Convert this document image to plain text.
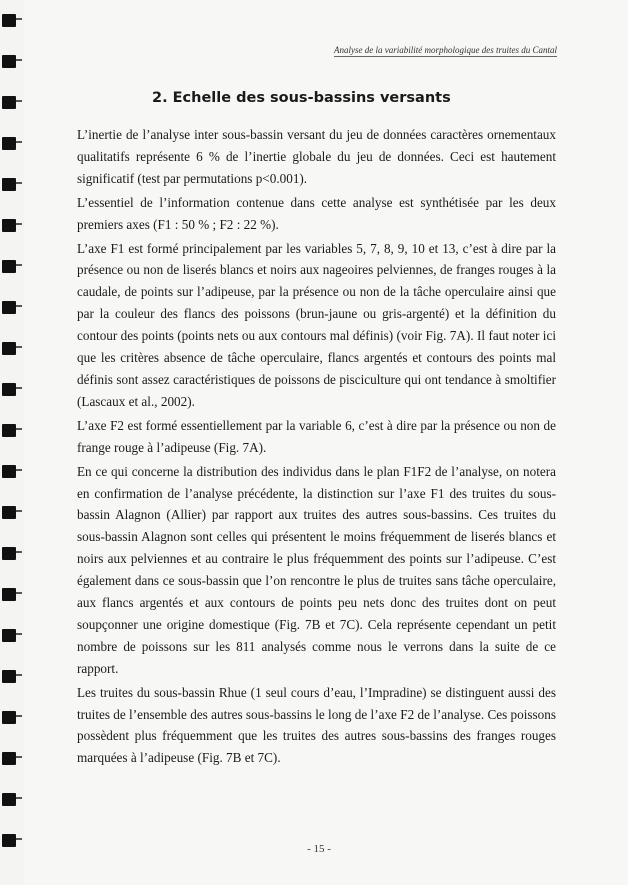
Analyse de la variabilité morphologique des truites du Cantal
2. Echelle des sous-bassins versants

L’inertie de l’analyse inter sous-bassin versant du jeu de données caractères ornementaux qualitatifs représente 6 % de l’inertie globale du jeu de données. Ceci est hautement significatif (test par permutations p<0.001).

L’essentiel de l’information contenue dans cette analyse est synthétisée par les deux premiers axes (F1 : 50 % ; F2 : 22 %).

L’axe F1 est formé principalement par les variables 5, 7, 8, 9, 10 et 13, c’est à dire par la présence ou non de liserés blancs et noirs aux nageoires pelviennes, de franges rouges à la caudale, de points sur l’adipeuse, par la présence ou non de la tâche operculaire ainsi que par la couleur des flancs des poissons (brun-jaune ou gris-argenté) et la définition du contour des points (points nets ou aux contours mal définis) (voir Fig. 7A). Il faut noter ici que les critères absence de tâche operculaire, flancs argentés et contours des points mal définis sont assez caractéristiques de poissons de pisciculture qui ont tendance à smoltifier (Lascaux et al., 2002).

L’axe F2 est formé essentiellement par la variable 6, c’est à dire par la présence ou non de frange rouge à l’adipeuse (Fig. 7A).

En ce qui concerne la distribution des individus dans le plan F1F2 de l’analyse, on notera en confirmation de l’analyse précédente, la distinction sur l’axe F1 des truites du sous-bassin Alagnon (Allier) par rapport aux truites des autres sous-bassins. Ces truites du sous-bassin Alagnon sont celles qui présentent le moins fréquemment de liserés blancs et noirs aux pelviennes et au contraire le plus fréquemment des points sur l’adipeuse. C’est également dans ce sous-bassin que l’on rencontre le plus de truites sans tâche operculaire, aux flancs argentés et aux contours de points peu nets donc des truites dont on peut soupçonner une origine domestique (Fig. 7B et 7C). Cela représente cependant un petit nombre de poissons sur les 811 analysés comme nous le verrons dans la suite de ce rapport.

Les truites du sous-bassin Rhue (1 seul cours d’eau, l’Impradine) se distinguent aussi des truites de l’ensemble des autres sous-bassins le long de l’axe F2 de l’analyse. Ces poissons possèdent plus fréquemment que les truites des autres sous-bassins des franges rouges marquées à l’adipeuse (Fig. 7B et 7C).

- 15 -
